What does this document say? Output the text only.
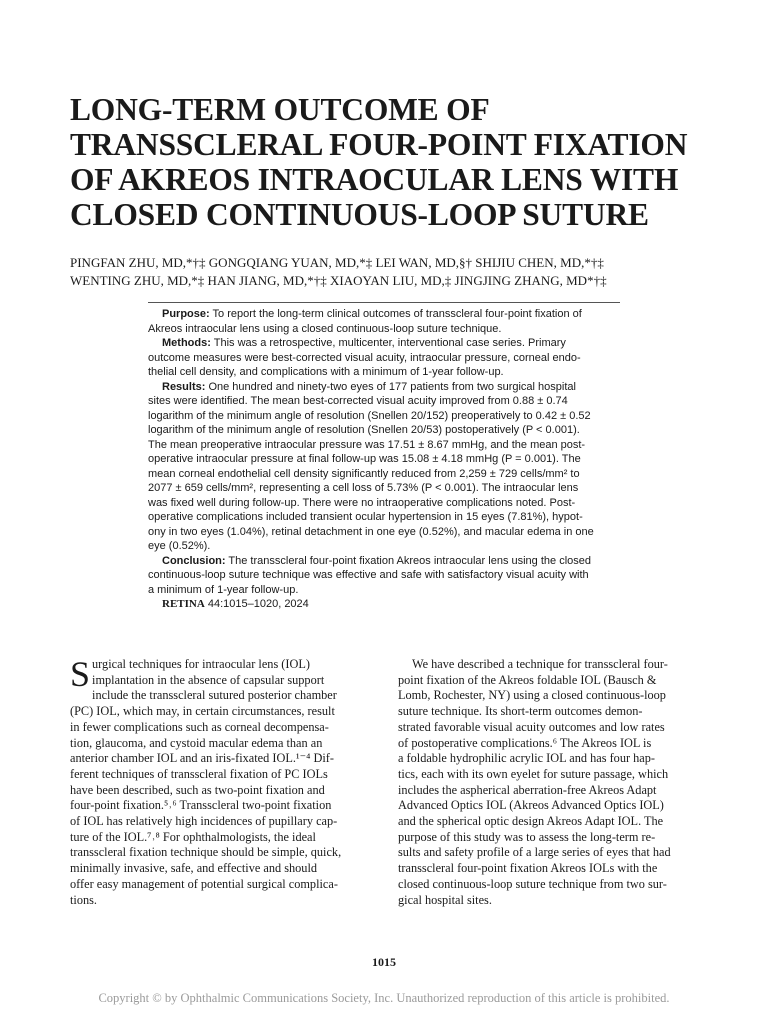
LONG-TERM OUTCOME OF
TRANSSCLERAL FOUR-POINT FIXATION
OF AKREOS INTRAOCULAR LENS WITH
CLOSED CONTINUOUS-LOOP SUTURE
PINGFAN ZHU, MD,*†‡ GONGQIANG YUAN, MD,*‡ LEI WAN, MD,§† SHIJIU CHEN, MD,*†‡
WENTING ZHU, MD,*‡ HAN JIANG, MD,*†‡ XIAOYAN LIU, MD,‡ JINGJING ZHANG, MD*†‡
Purpose: To report the long-term clinical outcomes of transscleral four-point fixation of
Akreos intraocular lens using a closed continuous-loop suture technique.
Methods: This was a retrospective, multicenter, interventional case series. Primary
outcome measures were best-corrected visual acuity, intraocular pressure, corneal endo-
thelial cell density, and complications with a minimum of 1-year follow-up.
Results: One hundred and ninety-two eyes of 177 patients from two surgical hospital
sites were identified. The mean best-corrected visual acuity improved from 0.88 ± 0.74
logarithm of the minimum angle of resolution (Snellen 20/152) preoperatively to 0.42 ± 0.52
logarithm of the minimum angle of resolution (Snellen 20/53) postoperatively (P < 0.001).
The mean preoperative intraocular pressure was 17.51 ± 8.67 mmHg, and the mean post-
operative intraocular pressure at final follow-up was 15.08 ± 4.18 mmHg (P = 0.001). The
mean corneal endothelial cell density significantly reduced from 2,259 ± 729 cells/mm² to
2077 ± 659 cells/mm², representing a cell loss of 5.73% (P < 0.001). The intraocular lens
was fixed well during follow-up. There were no intraoperative complications noted. Post-
operative complications included transient ocular hypertension in 15 eyes (7.81%), hypot-
ony in two eyes (1.04%), retinal detachment in one eye (0.52%), and macular edema in one
eye (0.52%).
Conclusion: The transscleral four-point fixation Akreos intraocular lens using the closed
continuous-loop suture technique was effective and safe with satisfactory visual acuity with
a minimum of 1-year follow-up.
RETINA 44:1015–1020, 2024
S urgical techniques for intraocular lens (IOL)
implantation in the absence of capsular support
include the transscleral sutured posterior chamber
(PC) IOL, which may, in certain circumstances, result
in fewer complications such as corneal decompensa-
tion, glaucoma, and cystoid macular edema than an
anterior chamber IOL and an iris-fixated IOL.¹⁻⁴ Dif-
ferent techniques of transscleral fixation of PC IOLs
have been described, such as two-point fixation and
four-point fixation.⁵˒⁶ Transscleral two-point fixation
of IOL has relatively high incidences of pupillary cap-
ture of the IOL.⁷˒⁸ For ophthalmologists, the ideal
transscleral fixation technique should be simple, quick,
minimally invasive, safe, and effective and should
offer easy management of potential surgical complica-
tions.
We have described a technique for transscleral four-
point fixation of the Akreos foldable IOL (Bausch &
Lomb, Rochester, NY) using a closed continuous-loop
suture technique. Its short-term outcomes demon-
strated favorable visual acuity outcomes and low rates
of postoperative complications.⁶ The Akreos IOL is
a foldable hydrophilic acrylic IOL and has four hap-
tics, each with its own eyelet for suture passage, which
includes the aspherical aberration-free Akreos Adapt
Advanced Optics IOL (Akreos Advanced Optics IOL)
and the spherical optic design Akreos Adapt IOL. The
purpose of this study was to assess the long-term re-
sults and safety profile of a large series of eyes that had
transscleral four-point fixation Akreos IOLs with the
closed continuous-loop suture technique from two sur-
gical hospital sites.
1015
Copyright © by Ophthalmic Communications Society, Inc. Unauthorized reproduction of this article is prohibited.
